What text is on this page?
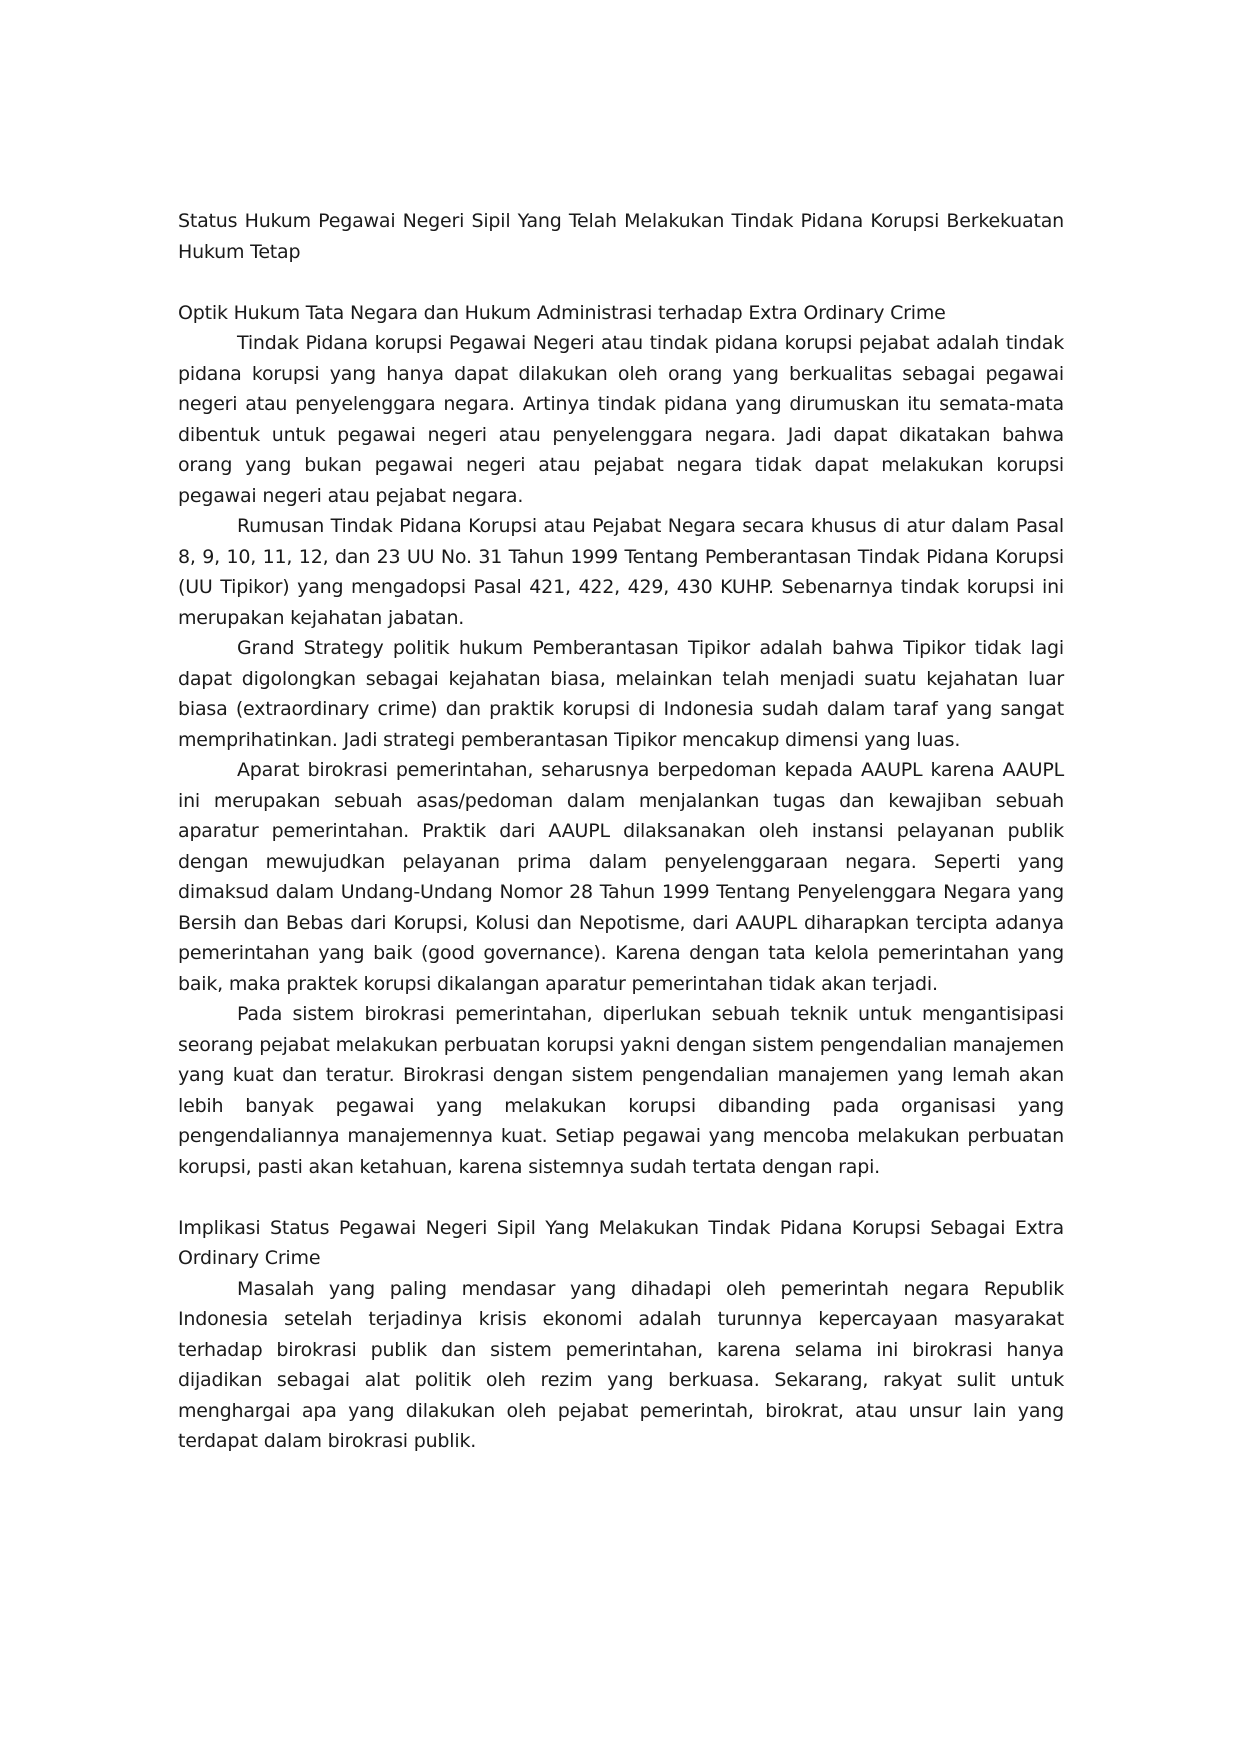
Status Hukum Pegawai Negeri Sipil Yang Telah Melakukan Tindak Pidana Korupsi Berkekuatan Hukum Tetap

Optik Hukum Tata Negara dan Hukum Administrasi terhadap Extra Ordinary Crime

Tindak Pidana korupsi Pegawai Negeri atau tindak pidana korupsi pejabat adalah tindak pidana korupsi yang hanya dapat dilakukan oleh orang yang berkualitas sebagai pegawai negeri atau penyelenggara negara. Artinya tindak pidana yang dirumuskan itu semata-mata dibentuk untuk pegawai negeri atau penyelenggara negara. Jadi dapat dikatakan bahwa orang yang bukan pegawai negeri atau pejabat negara tidak dapat melakukan korupsi pegawai negeri atau pejabat negara.

Rumusan Tindak Pidana Korupsi atau Pejabat Negara secara khusus di atur dalam Pasal 8, 9, 10, 11, 12, dan 23 UU No. 31 Tahun 1999 Tentang Pemberantasan Tindak Pidana Korupsi (UU Tipikor) yang mengadopsi Pasal 421, 422, 429, 430 KUHP. Sebenarnya tindak korupsi ini merupakan kejahatan jabatan.

Grand Strategy politik hukum Pemberantasan Tipikor adalah bahwa Tipikor tidak lagi dapat digolongkan sebagai kejahatan biasa, melainkan telah menjadi suatu kejahatan luar biasa (extraordinary crime) dan praktik korupsi di Indonesia sudah dalam taraf yang sangat memprihatinkan. Jadi strategi pemberantasan Tipikor mencakup dimensi yang luas.

Aparat birokrasi pemerintahan, seharusnya berpedoman kepada AAUPL karena AAUPL ini merupakan sebuah asas/pedoman dalam menjalankan tugas dan kewajiban sebuah aparatur pemerintahan. Praktik dari AAUPL dilaksanakan oleh instansi pelayanan publik dengan mewujudkan pelayanan prima dalam penyelenggaraan negara. Seperti yang dimaksud dalam Undang-Undang Nomor 28 Tahun 1999 Tentang Penyelenggara Negara yang Bersih dan Bebas dari Korupsi, Kolusi dan Nepotisme, dari AAUPL diharapkan tercipta adanya pemerintahan yang baik (good governance). Karena dengan tata kelola pemerintahan yang baik, maka praktek korupsi dikalangan aparatur pemerintahan tidak akan terjadi.

Pada sistem birokrasi pemerintahan, diperlukan sebuah teknik untuk mengantisipasi seorang pejabat melakukan perbuatan korupsi yakni dengan sistem pengendalian manajemen yang kuat dan teratur. Birokrasi dengan sistem pengendalian manajemen yang lemah akan lebih banyak pegawai yang melakukan korupsi dibanding pada organisasi yang pengendaliannya manajemennya kuat. Setiap pegawai yang mencoba melakukan perbuatan korupsi, pasti akan ketahuan, karena sistemnya sudah tertata dengan rapi.

Implikasi Status Pegawai Negeri Sipil Yang Melakukan Tindak Pidana Korupsi Sebagai Extra Ordinary Crime

Masalah yang paling mendasar yang dihadapi oleh pemerintah negara Republik Indonesia setelah terjadinya krisis ekonomi adalah turunnya kepercayaan masyarakat terhadap birokrasi publik dan sistem pemerintahan, karena selama ini birokrasi hanya dijadikan sebagai alat politik oleh rezim yang berkuasa. Sekarang, rakyat sulit untuk menghargai apa yang dilakukan oleh pejabat pemerintah, birokrat, atau unsur lain yang terdapat dalam birokrasi publik.
